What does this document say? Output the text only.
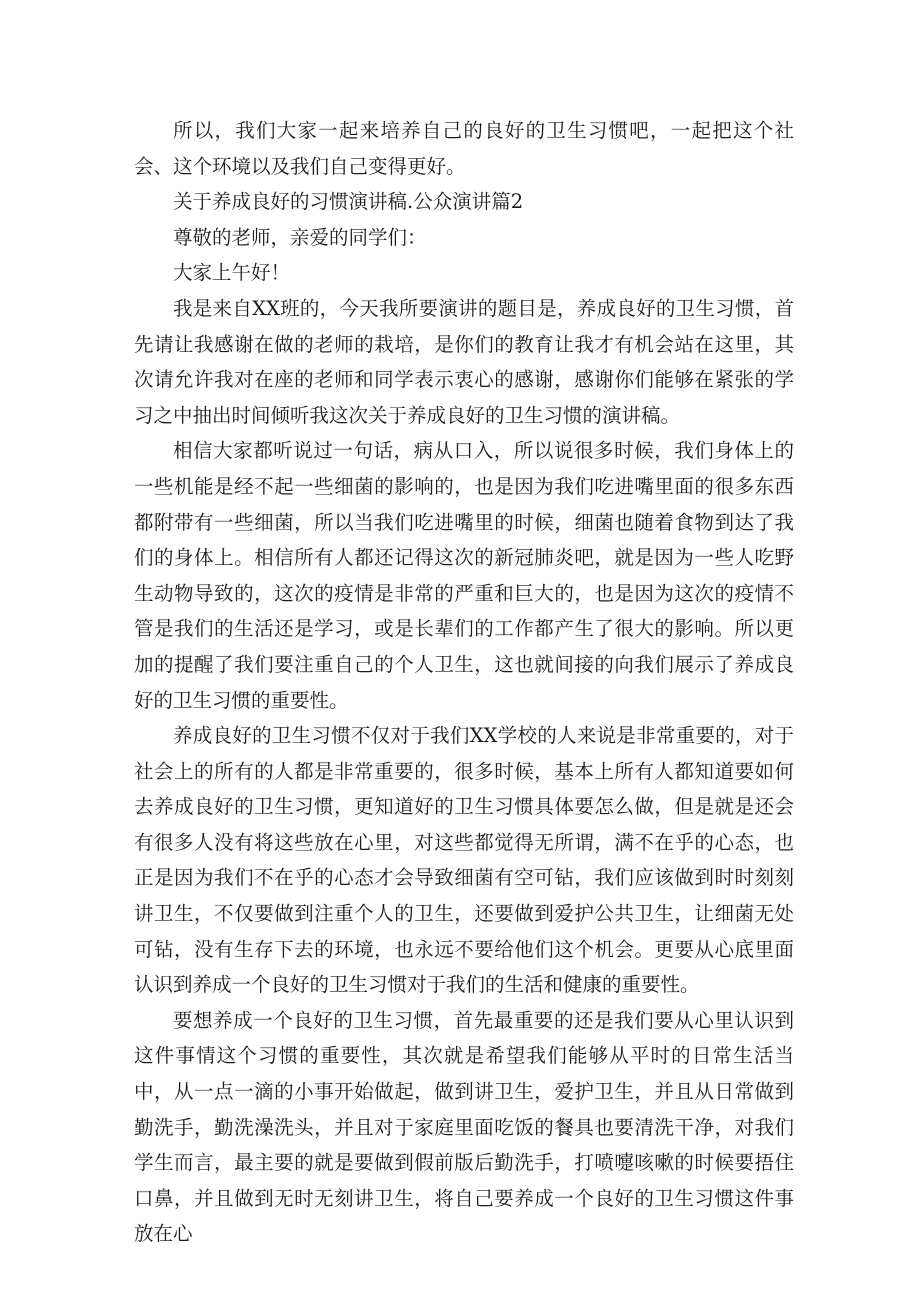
所以，我们大家一起来培养自己的良好的卫生习惯吧，一起把这个社会、这个环境以及我们自己变得更好。

关于养成良好的习惯演讲稿.公众演讲篇2

尊敬的老师，亲爱的同学们：

大家上午好！

我是来自XX班的，今天我所要演讲的题目是，养成良好的卫生习惯，首先请让我感谢在做的老师的栽培，是你们的教育让我才有机会站在这里，其次请允许我对在座的老师和同学表示衷心的感谢，感谢你们能够在紧张的学习之中抽出时间倾听我这次关于养成良好的卫生习惯的演讲稿。

相信大家都听说过一句话，病从口入，所以说很多时候，我们身体上的一些机能是经不起一些细菌的影响的，也是因为我们吃进嘴里面的很多东西都附带有一些细菌，所以当我们吃进嘴里的时候，细菌也随着食物到达了我们的身体上。相信所有人都还记得这次的新冠肺炎吧，就是因为一些人吃野生动物导致的，这次的疫情是非常的严重和巨大的，也是因为这次的疫情不管是我们的生活还是学习，或是长辈们的工作都产生了很大的影响。所以更加的提醒了我们要注重自己的个人卫生，这也就间接的向我们展示了养成良好的卫生习惯的重要性。

养成良好的卫生习惯不仅对于我们XX学校的人来说是非常重要的，对于社会上的所有的人都是非常重要的，很多时候，基本上所有人都知道要如何去养成良好的卫生习惯，更知道好的卫生习惯具体要怎么做，但是就是还会有很多人没有将这些放在心里，对这些都觉得无所谓，满不在乎的心态，也正是因为我们不在乎的心态才会导致细菌有空可钻，我们应该做到时时刻刻讲卫生，不仅要做到注重个人的卫生，还要做到爱护公共卫生，让细菌无处可钻，没有生存下去的环境，也永远不要给他们这个机会。更要从心底里面认识到养成一个良好的卫生习惯对于我们的生活和健康的重要性。

要想养成一个良好的卫生习惯，首先最重要的还是我们要从心里认识到这件事情这个习惯的重要性，其次就是希望我们能够从平时的日常生活当中，从一点一滴的小事开始做起，做到讲卫生，爱护卫生，并且从日常做到勤洗手，勤洗澡洗头，并且对于家庭里面吃饭的餐具也要清洗干净，对我们学生而言，最主要的就是要做到假前版后勤洗手，打喷嚏咳嗽的时候要捂住口鼻，并且做到无时无刻讲卫生，将自己要养成一个良好的卫生习惯这件事放在心
